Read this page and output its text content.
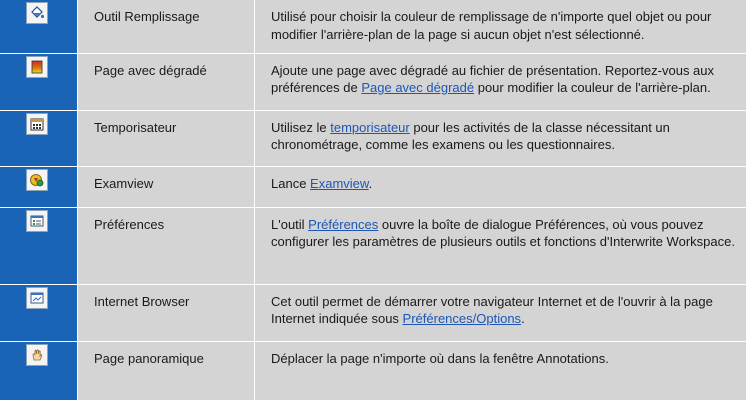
	Outil Remplissage	Utilisé pour choisir la couleur de remplissage de n'importe quel objet ou pour modifier l'arrière-plan de la page si aucun objet n'est sélectionné.

	Page avec dégradé	Ajoute une page avec dégradé au fichier de présentation. Reportez-vous aux préférences de Page avec dégradé pour modifier la couleur de l'arrière-plan.

	Temporisateur	Utilisez le temporisateur pour les activités de la classe nécessitant un chronométrage, comme les examens ou les questionnaires.

	Examview	Lance Examview.

	Préférences	L'outil Préférences ouvre la boîte de dialogue Préférences, où vous pouvez configurer les paramètres de plusieurs outils et fonctions d'Interwrite Workspace.

	Internet Browser	Cet outil permet de démarrer votre navigateur Internet et de l'ouvrir à la page Internet indiquée sous Préférences/Options.

	Page panoramique	Déplacer la page n'importe où dans la fenêtre Annotations.
